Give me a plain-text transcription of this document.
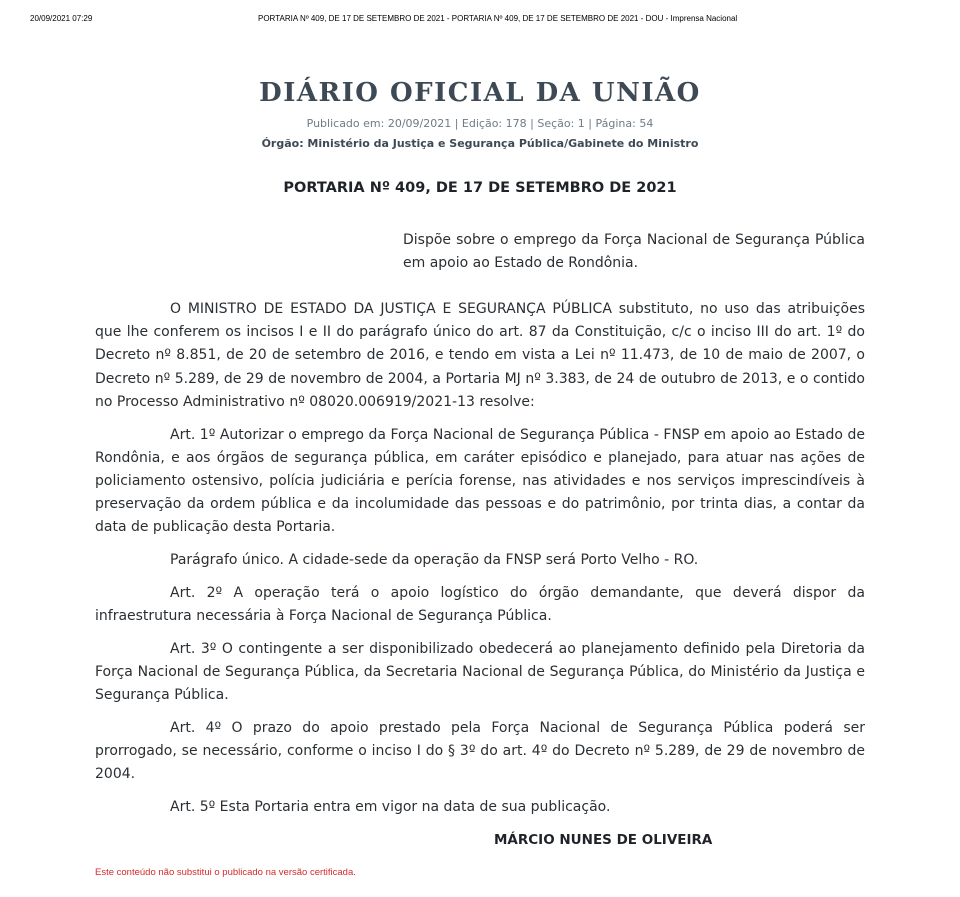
20/09/2021 07:29	PORTARIA Nº 409, DE 17 DE SETEMBRO DE 2021 - PORTARIA Nº 409, DE 17 DE SETEMBRO DE 2021 - DOU - Imprensa Nacional
DIÁRIO OFICIAL DA UNIÃO
Publicado em: 20/09/2021 | Edição: 178 | Seção: 1 | Página: 54
Órgão: Ministério da Justiça e Segurança Pública/Gabinete do Ministro
PORTARIA Nº 409, DE 17 DE SETEMBRO DE 2021
Dispõe sobre o emprego da Força Nacional de Segurança Pública em apoio ao Estado de Rondônia.

O MINISTRO DE ESTADO DA JUSTIÇA E SEGURANÇA PÚBLICA substituto, no uso das atribuições que lhe conferem os incisos I e II do parágrafo único do art. 87 da Constituição, c/c o inciso III do art. 1º do Decreto nº 8.851, de 20 de setembro de 2016, e tendo em vista a Lei nº 11.473, de 10 de maio de 2007, o Decreto nº 5.289, de 29 de novembro de 2004, a Portaria MJ nº 3.383, de 24 de outubro de 2013, e o contido no Processo Administrativo nº 08020.006919/2021-13 resolve:

Art. 1º Autorizar o emprego da Força Nacional de Segurança Pública - FNSP em apoio ao Estado de Rondônia, e aos órgãos de segurança pública, em caráter episódico e planejado, para atuar nas ações de policiamento ostensivo, polícia judiciária e perícia forense, nas atividades e nos serviços imprescindíveis à preservação da ordem pública e da incolumidade das pessoas e do patrimônio, por trinta dias, a contar da data de publicação desta Portaria.

Parágrafo único. A cidade-sede da operação da FNSP será Porto Velho - RO.

Art. 2º A operação terá o apoio logístico do órgão demandante, que deverá dispor da infraestrutura necessária à Força Nacional de Segurança Pública.

Art. 3º O contingente a ser disponibilizado obedecerá ao planejamento definido pela Diretoria da Força Nacional de Segurança Pública, da Secretaria Nacional de Segurança Pública, do Ministério da Justiça e Segurança Pública.

Art. 4º O prazo do apoio prestado pela Força Nacional de Segurança Pública poderá ser prorrogado, se necessário, conforme o inciso I do § 3º do art. 4º do Decreto nº 5.289, de 29 de novembro de 2004.

Art. 5º Esta Portaria entra em vigor na data de sua publicação.

MÁRCIO NUNES DE OLIVEIRA
Este conteúdo não substitui o publicado na versão certificada.
